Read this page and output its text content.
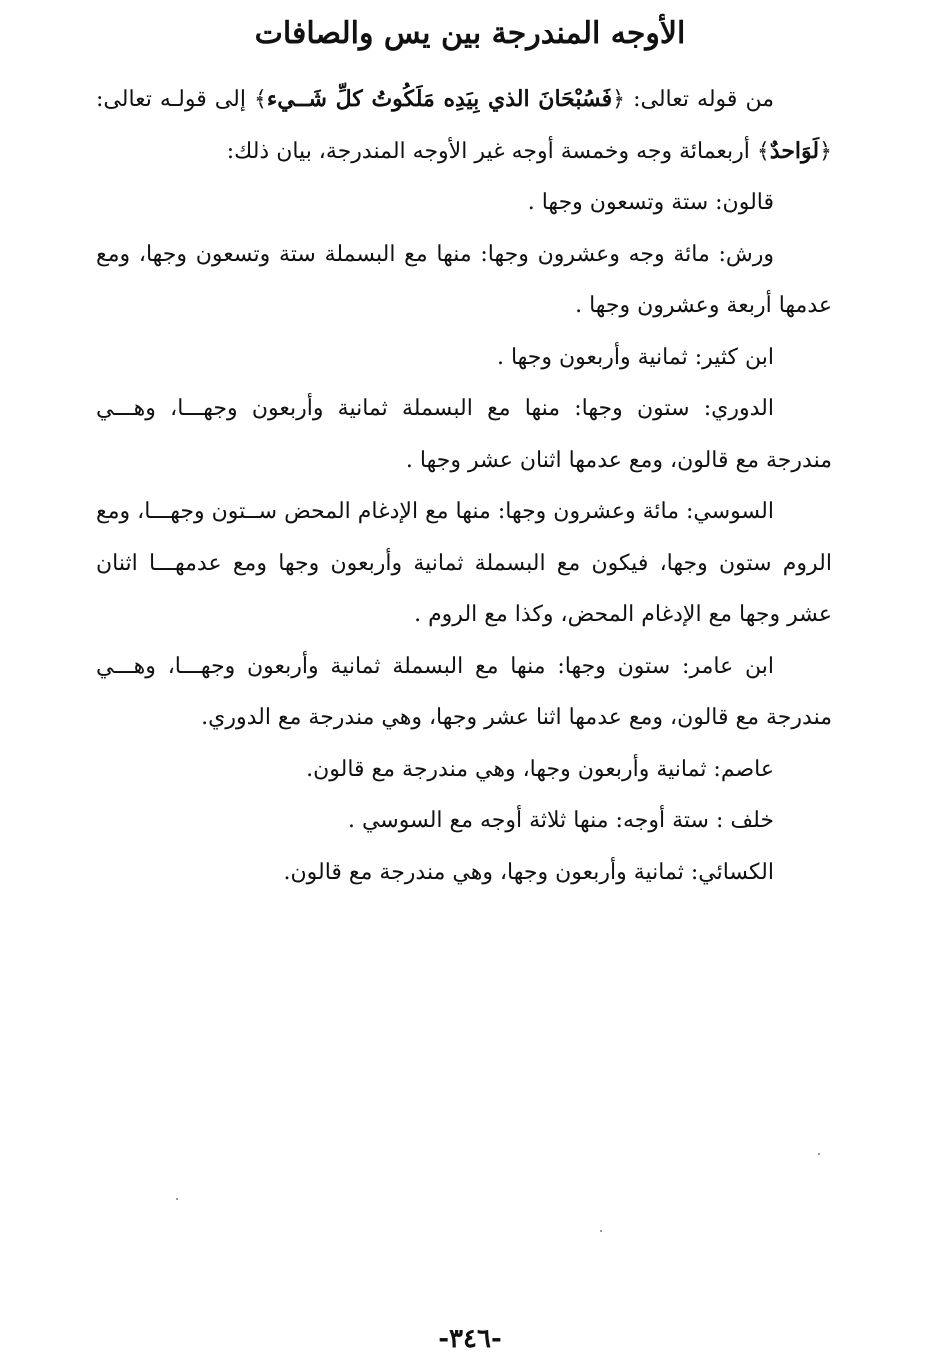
الأوجه المندرجة بين يس والصافات

من قوله تعالى: ﴿فَسُبْحَانَ الذي بِيَدِه مَلَكُوتُ كلِّ شَــيء﴾ إلى قولـه تعالى: ﴿لَوَاحدٌ﴾ أربعمائة وجه وخمسة أوجه غير الأوجه المندرجة، بيان ذلك:

قالون: ستة وتسعون وجها .

ورش: مائة وجه وعشرون وجها: منها مع البسملة ستة وتسعون وجها، ومع عدمها أربعة وعشرون وجها .

ابن كثير: ثمانية وأربعون وجها .

الدوري: ستون وجها: منها مع البسملة ثمانية وأربعون وجهـــا، وهـــي مندرجة مع قالون، ومع عدمها اثنان عشر وجها .

السوسي: مائة وعشرون وجها: منها مع الإدغام المحض ســتون وجهـــا، ومع الروم ستون وجها، فيكون مع البسملة ثمانية وأربعون وجها ومع عدمهـــا اثنان عشر وجها مع الإدغام المحض، وكذا مع الروم .

ابن عامر: ستون وجها: منها مع البسملة ثمانية وأربعون وجهـــا، وهـــي مندرجة مع قالون، ومع عدمها اثنا عشر وجها، وهي مندرجة مع الدوري.

عاصم: ثمانية وأربعون وجها، وهي مندرجة مع قالون.

خلف : ستة أوجه: منها ثلاثة أوجه مع السوسي .

الكسائي: ثمانية وأربعون وجها، وهي مندرجة مع قالون.

-٣٤٦-
